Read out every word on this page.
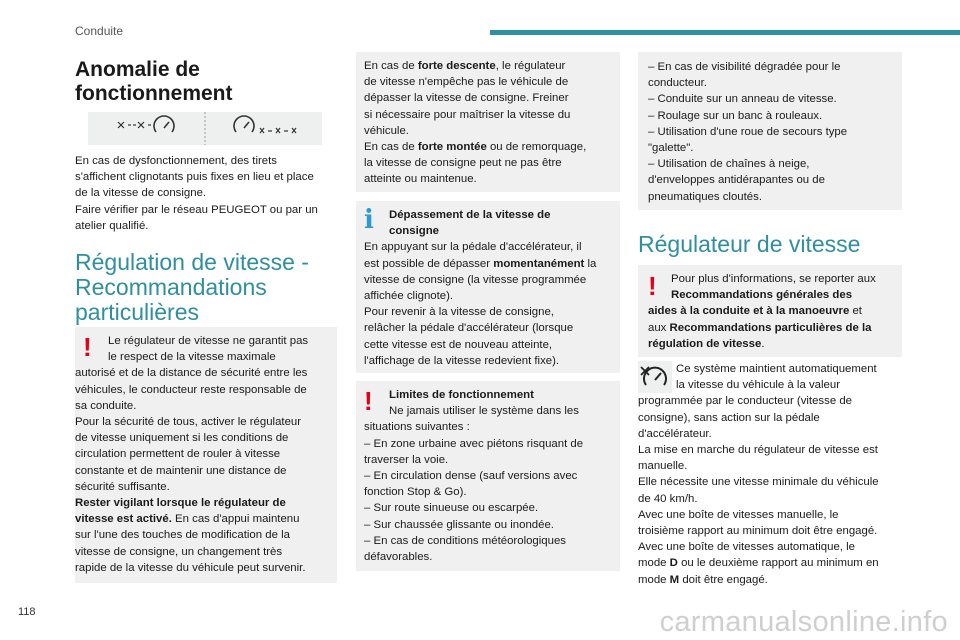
Conduite
Anomalie de
fonctionnement

En cas de dysfonctionnement, des tirets

s'affichent clignotants puis fixes en lieu et place

de la vitesse de consigne.

Faire vérifier par le réseau PEUGEOT ou par un

atelier qualifié.

Régulation de vitesse -
Recommandations
particulières
! Le régulateur de vitesse ne garantit pas

le respect de la vitesse maximale

autorisé et de la distance de sécurité entre les

véhicules, le conducteur reste responsable de

sa conduite.

Pour la sécurité de tous, activer le régulateur

de vitesse uniquement si les conditions de

circulation permettent de rouler à vitesse

constante et de maintenir une distance de

sécurité suffisante.

Rester vigilant lorsque le régulateur de

vitesse est activé. En cas d'appui maintenu

sur l'une des touches de modification de la

vitesse de consigne, un changement très

rapide de la vitesse du véhicule peut survenir.

En cas de forte descente, le régulateur

de vitesse n'empêche pas le véhicule de

dépasser la vitesse de consigne. Freiner

si nécessaire pour maîtriser la vitesse du

véhicule.

En cas de forte montée ou de remorquage,

la vitesse de consigne peut ne pas être

atteinte ou maintenue.

i Dépassement de la vitesse de

consigne

En appuyant sur la pédale d'accélérateur, il

est possible de dépasser momentanément la

vitesse de consigne (la vitesse programmée

affichée clignote).

Pour revenir à la vitesse de consigne,

relâcher la pédale d'accélérateur (lorsque

cette vitesse est de nouveau atteinte,

l'affichage de la vitesse redevient fixe).

! Limites de fonctionnement

Ne jamais utiliser le système dans les

situations suivantes :

– En zone urbaine avec piétons risquant de

traverser la voie.

– En circulation dense (sauf versions avec

fonction Stop & Go).

– Sur route sinueuse ou escarpée.

– Sur chaussée glissante ou inondée.

– En cas de conditions météorologiques

défavorables.

– En cas de visibilité dégradée pour le

conducteur.

– Conduite sur un anneau de vitesse.

– Roulage sur un banc à rouleaux.

– Utilisation d'une roue de secours type

"galette".

– Utilisation de chaînes à neige,

d'enveloppes antidérapantes ou de

pneumatiques cloutés.

Régulateur de vitesse
! Pour plus d'informations, se reporter aux

Recommandations générales des

aides à la conduite et à la manoeuvre et

aux Recommandations particulières de la

régulation de vitesse.

Ce système maintient automatiquement

la vitesse du véhicule à la valeur

programmée par le conducteur (vitesse de

consigne), sans action sur la pédale

d'accélérateur.

La mise en marche du régulateur de vitesse est

manuelle.

Elle nécessite une vitesse minimale du véhicule

de 40 km/h.

Avec une boîte de vitesses manuelle, le

troisième rapport au minimum doit être engagé.

Avec une boîte de vitesses automatique, le

mode D ou le deuxième rapport au minimum en

mode M doit être engagé.

118	carmanualsonline.info
